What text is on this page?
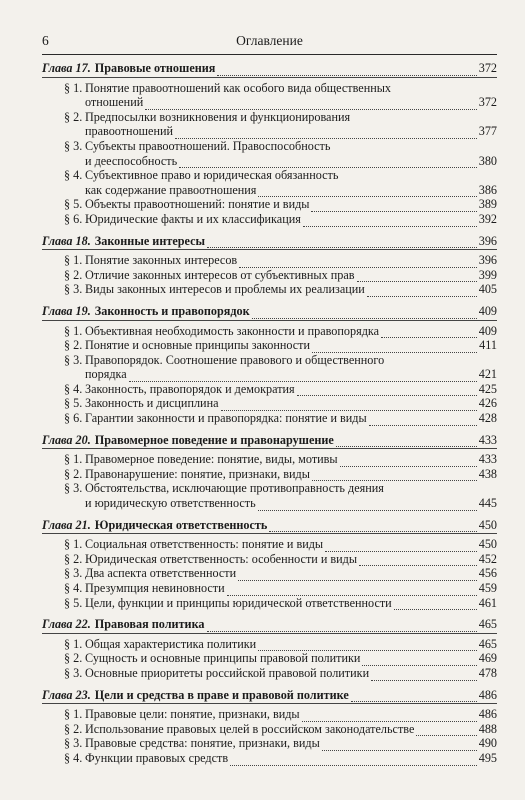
6	Оглавление
Глава 17. Правовые отношения	372
§ 1. Понятие правоотношений как особого вида общественных
отношений	372
§ 2. Предпосылки возникновения и функционирования
правоотношений	377
§ 3. Субъекты правоотношений. Правоспособность
и дееспособность	380
§ 4. Субъективное право и юридическая обязанность
как содержание правоотношения	386
§ 5. Объекты правоотношений: понятие и виды	389
§ 6. Юридические факты и их классификация	392
Глава 18. Законные интересы	396
§ 1. Понятие законных интересов	396
§ 2. Отличие законных интересов от субъективных прав	399
§ 3. Виды законных интересов и проблемы их реализации	405
Глава 19. Законность и правопорядок	409
§ 1. Объективная необходимость законности и правопорядка	409
§ 2. Понятие и основные принципы законности	411
§ 3. Правопорядок. Соотношение правового и общественного
порядка	421
§ 4. Законность, правопорядок и демократия	425
§ 5. Законность и дисциплина	426
§ 6. Гарантии законности и правопорядка: понятие и виды	428
Глава 20. Правомерное поведение и правонарушение	433
§ 1. Правомерное поведение: понятие, виды, мотивы	433
§ 2. Правонарушение: понятие, признаки, виды	438
§ 3. Обстоятельства, исключающие противоправность деяния
и юридическую ответственность	445
Глава 21. Юридическая ответственность	450
§ 1. Социальная ответственность: понятие и виды	450
§ 2. Юридическая ответственность: особенности и виды	452
§ 3. Два аспекта ответственности	456
§ 4. Презумпция невиновности	459
§ 5. Цели, функции и принципы юридической ответственности	461
Глава 22. Правовая политика	465
§ 1. Общая характеристика политики	465
§ 2. Сущность и основные принципы правовой политики	469
§ 3. Основные приоритеты российской правовой политики	478
Глава 23. Цели и средства в праве и правовой политике	486
§ 1. Правовые цели: понятие, признаки, виды	486
§ 2. Использование правовых целей в российском законодательстве	488
§ 3. Правовые средства: понятие, признаки, виды	490
§ 4. Функции правовых средств	495
